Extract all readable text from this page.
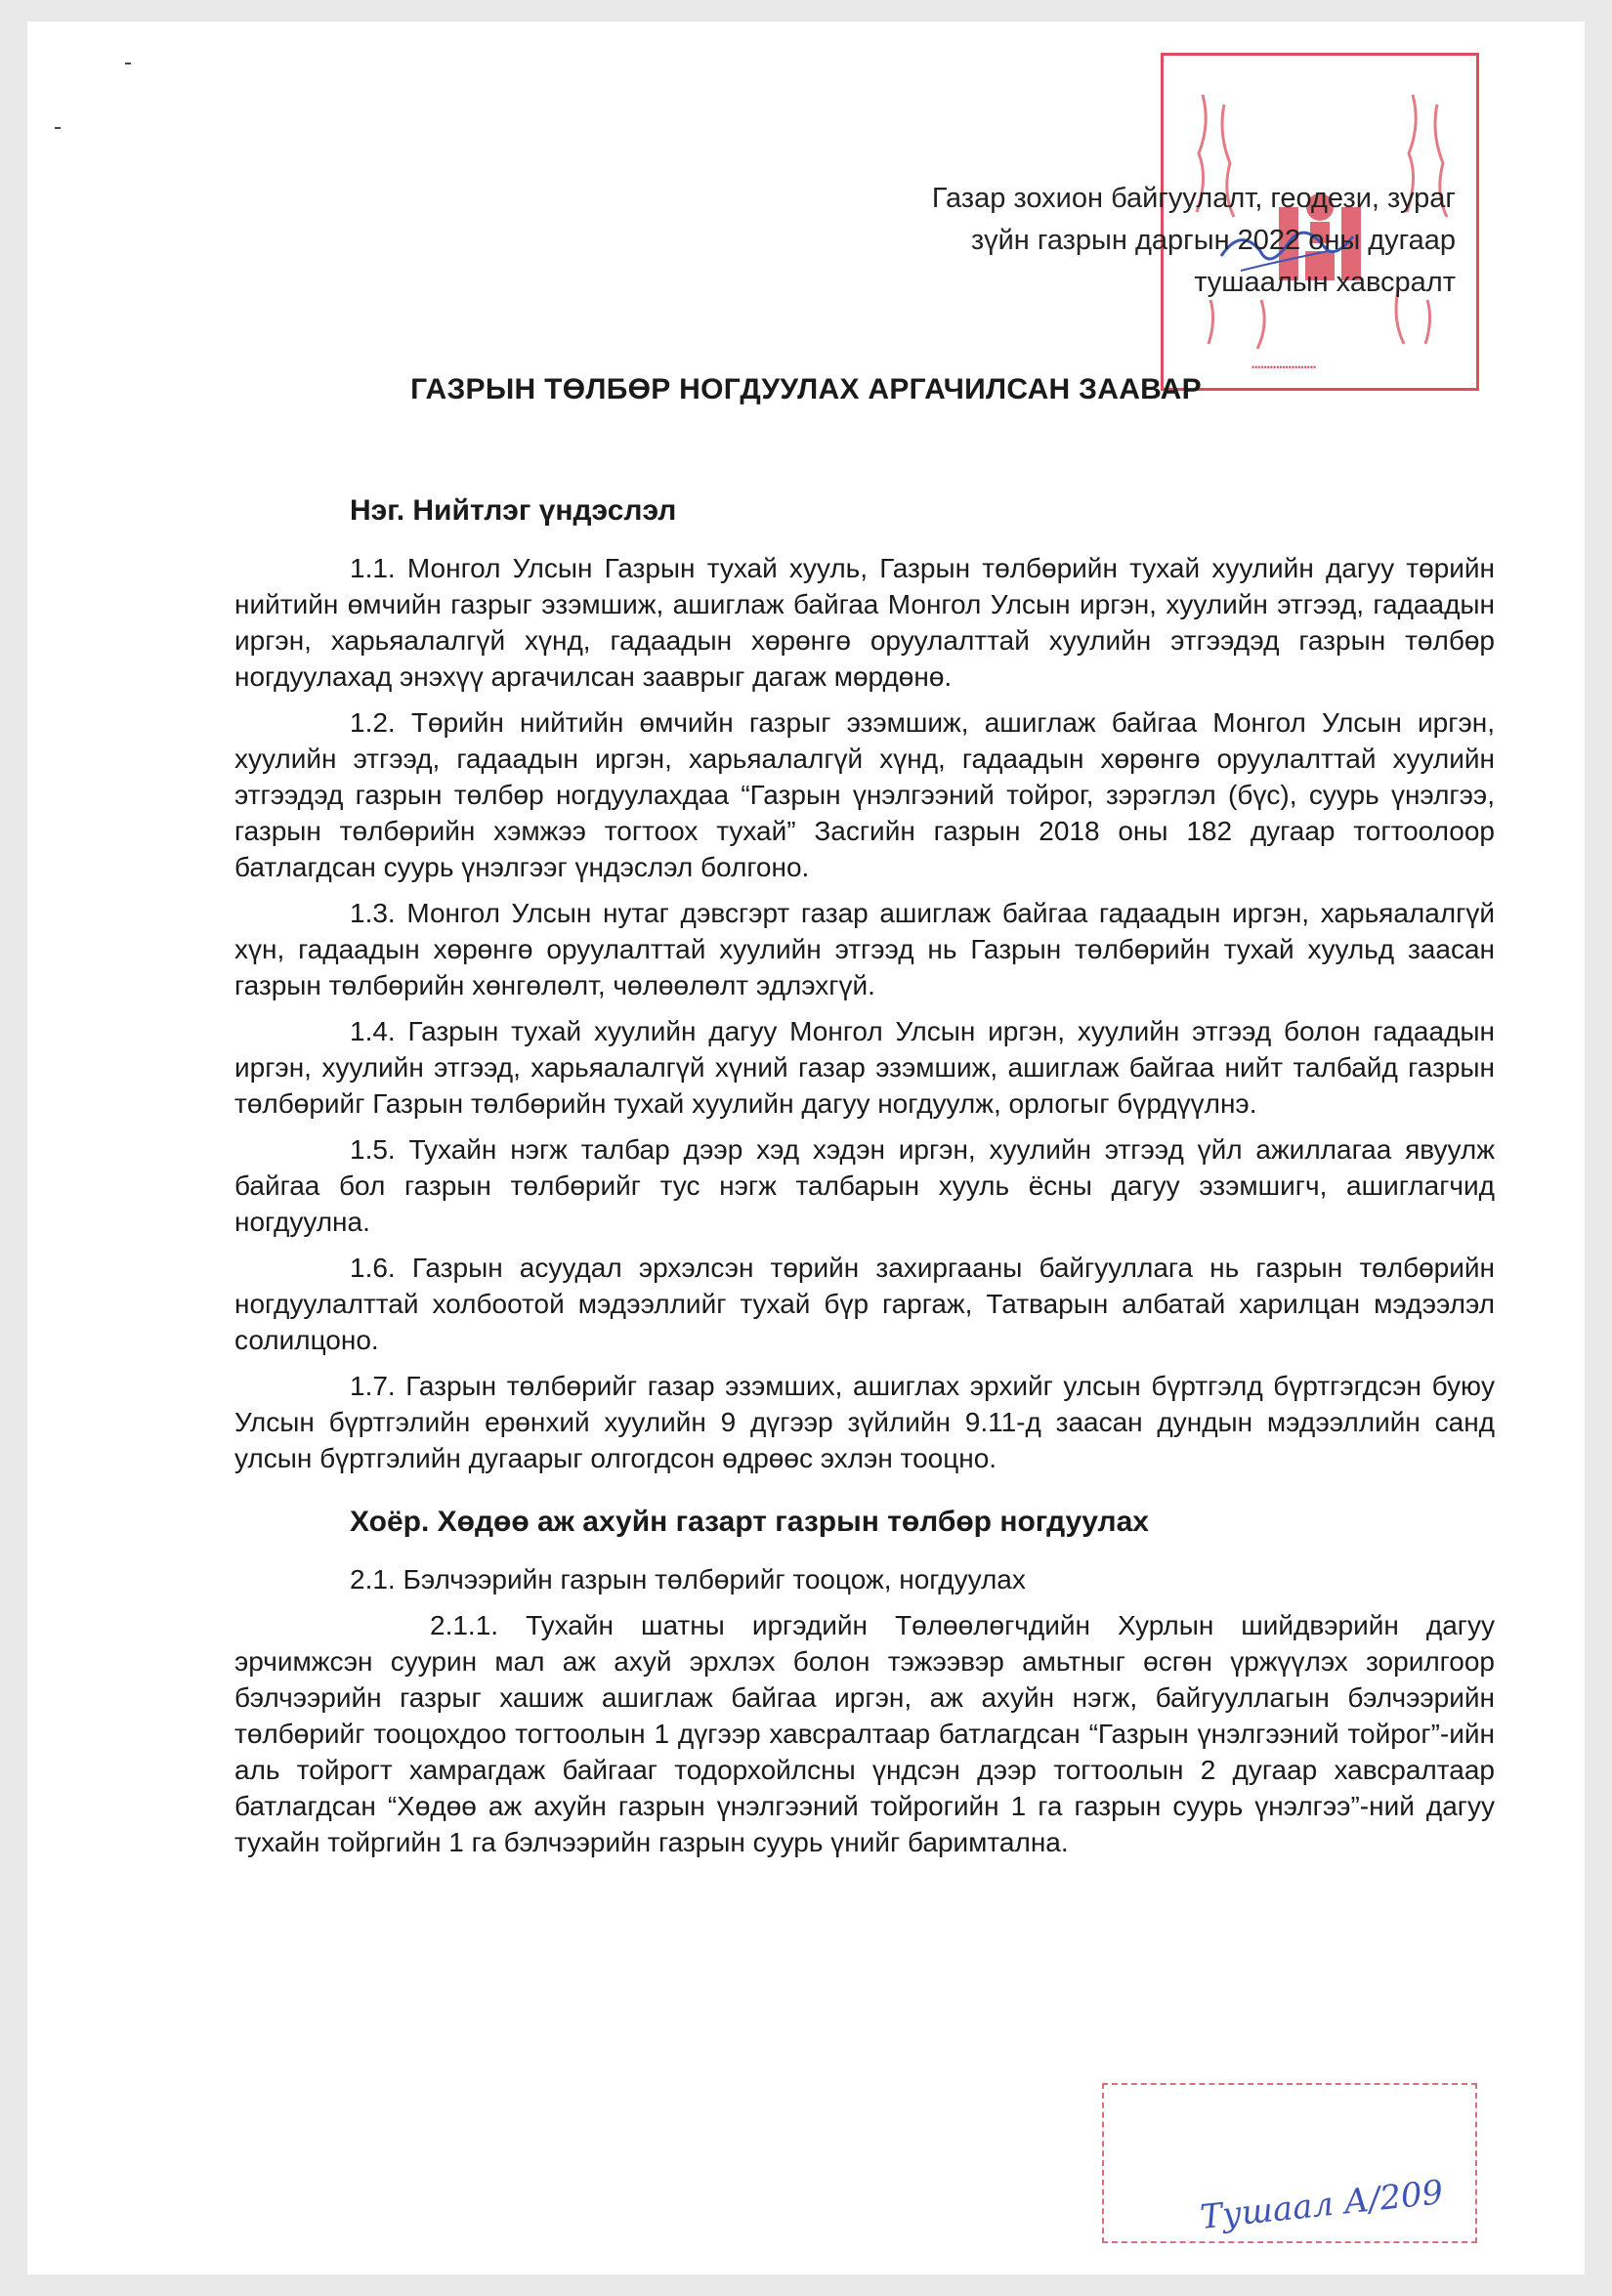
•••••••••••••••••••••
Газар зохион байгуулалт, геодези, зураг
зүйн газрын даргын 2022 оны дугаар
тушаалын хавсралт
ГАЗРЫН ТӨЛБӨР НОГДУУЛАХ АРГАЧИЛСАН ЗААВАР
Нэг. Нийтлэг үндэслэл

1.1. Монгол Улсын Газрын тухай хууль, Газрын төлбөрийн тухай хуулийн дагуу төрийн нийтийн өмчийн газрыг эзэмшиж, ашиглаж байгаа Монгол Улсын иргэн, хуулийн этгээд, гадаадын иргэн, харьяалалгүй хүнд, гадаадын хөрөнгө оруулалттай хуулийн этгээдэд газрын төлбөр ногдуулахад энэхүү аргачилсан зааврыг дагаж мөрдөнө.

1.2. Төрийн нийтийн өмчийн газрыг эзэмшиж, ашиглаж байгаа Монгол Улсын иргэн, хуулийн этгээд, гадаадын иргэн, харьяалалгүй хүнд, гадаадын хөрөнгө оруулалттай хуулийн этгээдэд газрын төлбөр ногдуулахдаа “Газрын үнэлгээний тойрог, зэрэглэл (бүс), суурь үнэлгээ, газрын төлбөрийн хэмжээ тогтоох тухай” Засгийн газрын 2018 оны 182 дугаар тогтоолоор батлагдсан суурь үнэлгээг үндэслэл болгоно.

1.3. Монгол Улсын нутаг дэвсгэрт газар ашиглаж байгаа гадаадын иргэн, харьяалалгүй хүн, гадаадын хөрөнгө оруулалттай хуулийн этгээд нь Газрын төлбөрийн тухай хуульд заасан газрын төлбөрийн хөнгөлөлт, чөлөөлөлт эдлэхгүй.

1.4. Газрын тухай хуулийн дагуу Монгол Улсын иргэн, хуулийн этгээд болон гадаадын иргэн, хуулийн этгээд, харьяалалгүй хүний газар эзэмшиж, ашиглаж байгаа нийт талбайд газрын төлбөрийг Газрын төлбөрийн тухай хуулийн дагуу ногдуулж, орлогыг бүрдүүлнэ.

1.5. Тухайн нэгж талбар дээр хэд хэдэн иргэн, хуулийн этгээд үйл ажиллагаа явуулж байгаа бол газрын төлбөрийг тус нэгж талбарын хууль ёсны дагуу эзэмшигч, ашиглагчид ногдуулна.

1.6. Газрын асуудал эрхэлсэн төрийн захиргааны байгууллага нь газрын төлбөрийн ногдуулалттай холбоотой мэдээллийг тухай бүр гаргаж, Татварын албатай харилцан мэдээлэл солилцоно.

1.7. Газрын төлбөрийг газар эзэмших, ашиглах эрхийг улсын бүртгэлд бүртгэгдсэн буюу Улсын бүртгэлийн ерөнхий хуулийн 9 дүгээр зүйлийн 9.11-д заасан дундын мэдээллийн санд улсын бүртгэлийн дугаарыг олгогдсон өдрөөс эхлэн тооцно.

Хоёр. Хөдөө аж ахуйн газарт газрын төлбөр ногдуулах
2.1. Бэлчээрийн газрын төлбөрийг тооцож, ногдуулах

2.1.1. Тухайн шатны иргэдийн Төлөөлөгчдийн Хурлын шийдвэрийн дагуу эрчимжсэн суурин мал аж ахуй эрхлэх болон тэжээвэр амьтныг өсгөн үржүүлэх зорилгоор бэлчээрийн газрыг хашиж ашиглаж байгаа иргэн, аж ахуйн нэгж, байгууллагын бэлчээрийн төлбөрийг тооцохдоо тогтоолын 1 дүгээр хавсралтаар батлагдсан “Газрын үнэлгээний тойрог”-ийн аль тойрогт хамрагдаж байгааг тодорхойлсны үндсэн дээр тогтоолын 2 дугаар хавсралтаар батлагдсан “Хөдөө аж ахуйн газрын үнэлгээний тойрогийн 1 га газрын суурь үнэлгээ”-ний дагуу тухайн тойргийн 1 га бэлчээрийн газрын суурь үнийг баримтална.

Тушаал А/209
